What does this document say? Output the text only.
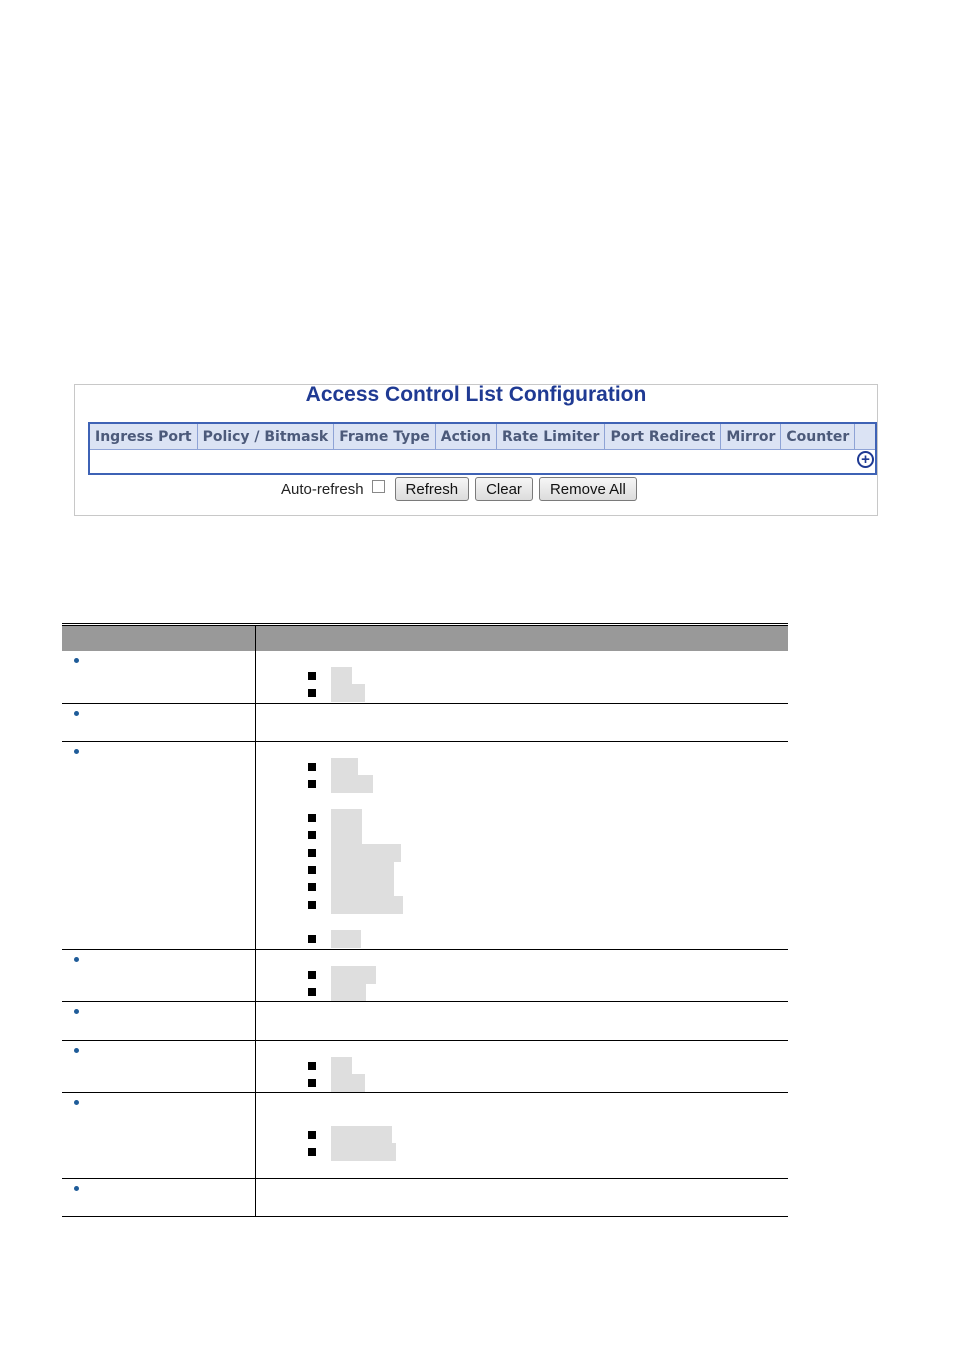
Access Control List Configuration
Ingress Port	Policy / Bitmask	Frame Type	Action	Rate Limiter	Port Redirect	Mirror	Counter	

+
Auto-refresh	Refresh	Clear	Remove All
